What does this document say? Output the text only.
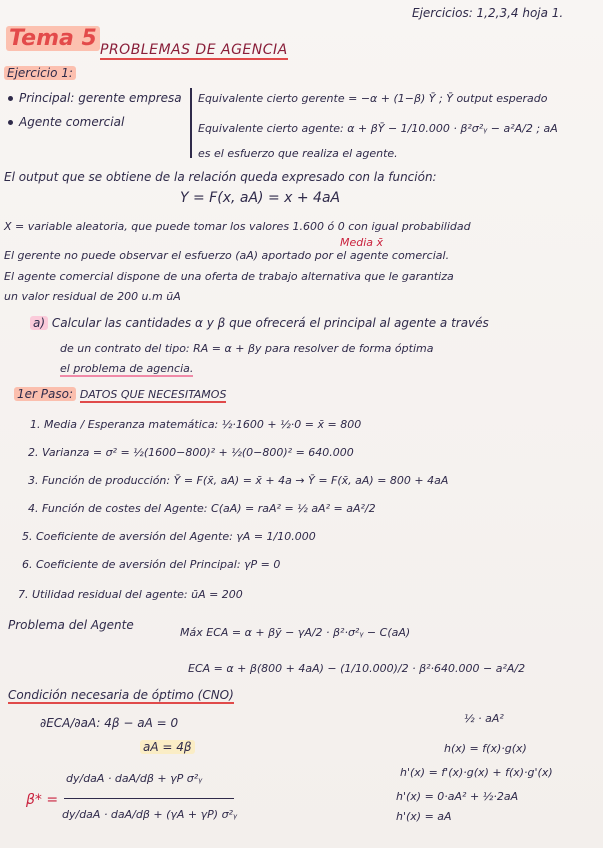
Tema 5 PROBLEMAS DE AGENCIA
Ejercicios: 1,2,3,4 hoja 1.
Ejercicio 1:
Principal: gerente empresa
Agente comercial
Equivalente cierto gerente = −α + (1−β) Ȳ ; Ȳ output esperado
Equivalente cierto agente: α + βȲ − 1/10.000 · β²σ²ᵧ − a²A/2 ; aA
es el esfuerzo que realiza el agente.
El output que se obtiene de la relación queda expresado con la función:
Y = F(x, aA) = x + 4aA
X = variable aleatoria, que puede tomar los valores 1.600 ó 0 con igual probabilidad
Media x̄
El gerente no puede observar el esfuerzo (aA) aportado por el agente comercial.
El agente comercial dispone de una oferta de trabajo alternativa que le garantiza
un valor residual de 200 u.m ūA
a) Calcular las cantidades α y β que ofrecerá el principal al agente a través
de un contrato del tipo: RA = α + βy para resolver de forma óptima
el problema de agencia.
1er Paso: DATOS QUE NECESITAMOS
1. Media / Esperanza matemática: ½·1600 + ½·0 = x̄ = 800
2. Varianza = σ² = ½(1600−800)² + ½(0−800)² = 640.000
3. Función de producción: Ȳ = F(x̄, aA) = x̄ + 4a → Ȳ = F(x̄, aA) = 800 + 4aA
4. Función de costes del Agente: C(aA) = raA² = ½ aA² = aA²/2
5. Coeficiente de aversión del Agente: γA = 1/10.000
6. Coeficiente de aversión del Principal: γP = 0
7. Utilidad residual del agente: ūA = 200
Problema del Agente
Máx ECA = α + βȳ − γA/2 · β²·σ²ᵧ − C(aA)
ECA = α + β(800 + 4aA) − (1/10.000)/2 · β²·640.000 − a²A/2
Condición necesaria de óptimo (CNO)
∂ECA/∂aA: 4β − aA = 0
aA = 4β
β* =
dy/daA · daA/dβ + γP σ²ᵧ
dy/daA · daA/dβ + (γA + γP) σ²ᵧ
½ · aA²
h(x) = f(x)·g(x)
h'(x) = f'(x)·g(x) + f(x)·g'(x)
h'(x) = 0·aA² + ½·2aA
h'(x) = aA
